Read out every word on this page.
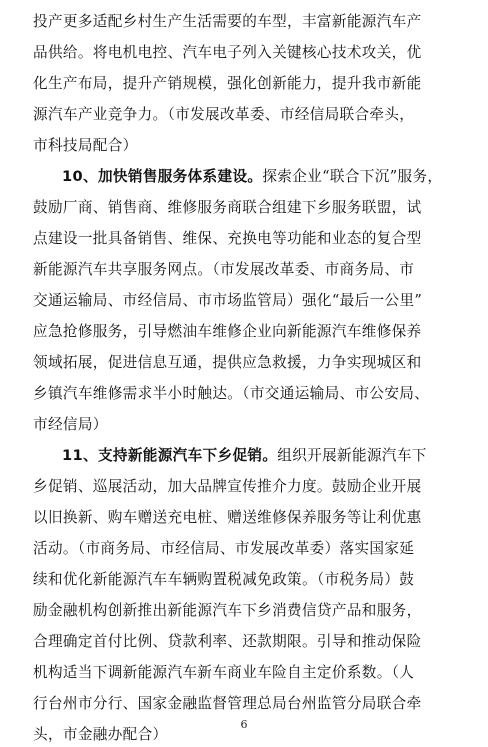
投产更多适配乡村生产生活需要的车型，丰富新能源汽车产
品供给。将电机电控、汽车电子列入关键核心技术攻关，优
化生产布局，提升产销规模，强化创新能力，提升我市新能
源汽车产业竞争力。（市发展改革委、市经信局联合牵头，
市科技局配合）
10、加快销售服务体系建设。探索企业“联合下沉”服务，
鼓励厂商、销售商、维修服务商联合组建下乡服务联盟，试
点建设一批具备销售、维保、充换电等功能和业态的复合型
新能源汽车共享服务网点。（市发展改革委、市商务局、市
交通运输局、市经信局、市市场监管局）强化“最后一公里”
应急抢修服务，引导燃油车维修企业向新能源汽车维修保养
领域拓展，促进信息互通，提供应急救援，力争实现城区和
乡镇汽车维修需求半小时触达。（市交通运输局、市公安局、
市经信局）
11、支持新能源汽车下乡促销。组织开展新能源汽车下
乡促销、巡展活动，加大品牌宣传推介力度。鼓励企业开展
以旧换新、购车赠送充电桩、赠送维修保养服务等让利优惠
活动。（市商务局、市经信局、市发展改革委）落实国家延
续和优化新能源汽车车辆购置税减免政策。（市税务局）鼓
励金融机构创新推出新能源汽车下乡消费信贷产品和服务，
合理确定首付比例、贷款利率、还款期限。引导和推动保险
机构适当下调新能源汽车新车商业车险自主定价系数。（人
行台州市分行、国家金融监督管理总局台州监管分局联合牵
头，市金融办配合）
6
